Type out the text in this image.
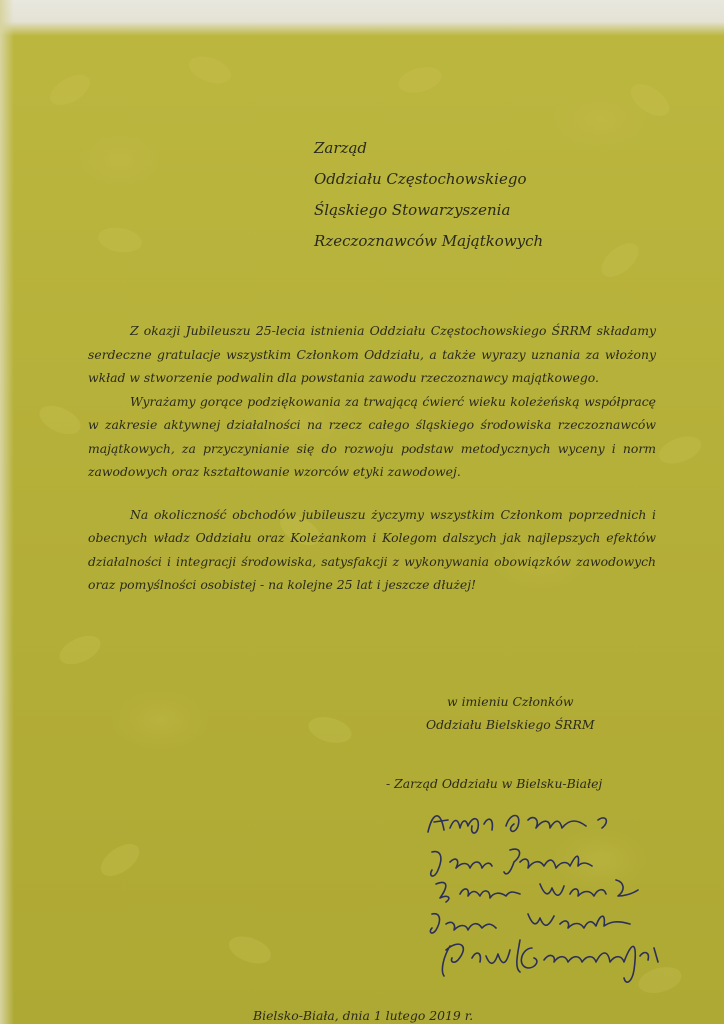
Zarząd
Oddziału Częstochowskiego
Śląskiego Stowarzyszenia
Rzeczoznawców Majątkowych

Z okazji Jubileuszu 25-lecia istnienia Oddziału Częstochowskiego ŚRRM składamy serdeczne gratulacje wszystkim Członkom Oddziału, a także wyrazy uznania za włożony wkład w stworzenie podwalin dla powstania zawodu rzeczoznawcy majątkowego.

Wyrażamy gorące podziękowania za trwającą ćwierć wieku koleżeńską współpracę w zakresie aktywnej działalności na rzecz całego śląskiego środowiska rzeczoznawców majątkowych, za przyczynianie się do rozwoju podstaw metodycznych wyceny i norm zawodowych oraz kształtowanie wzorców etyki zawodowej.

Na okoliczność obchodów jubileuszu życzymy wszystkim Członkom poprzednich i obecnych władz Oddziału oraz Koleżankom i Kolegom dalszych jak najlepszych efektów działalności i integracji środowiska, satysfakcji z wykonywania obowiązków zawodowych oraz pomyślności osobistej - na kolejne 25 lat i jeszcze dłużej!

w imieniu Członków
Oddziału Bielskiego ŚRRM
- Zarząd Oddziału w Bielsku-Białej
Bielsko-Biała, dnia 1 lutego 2019 r.
